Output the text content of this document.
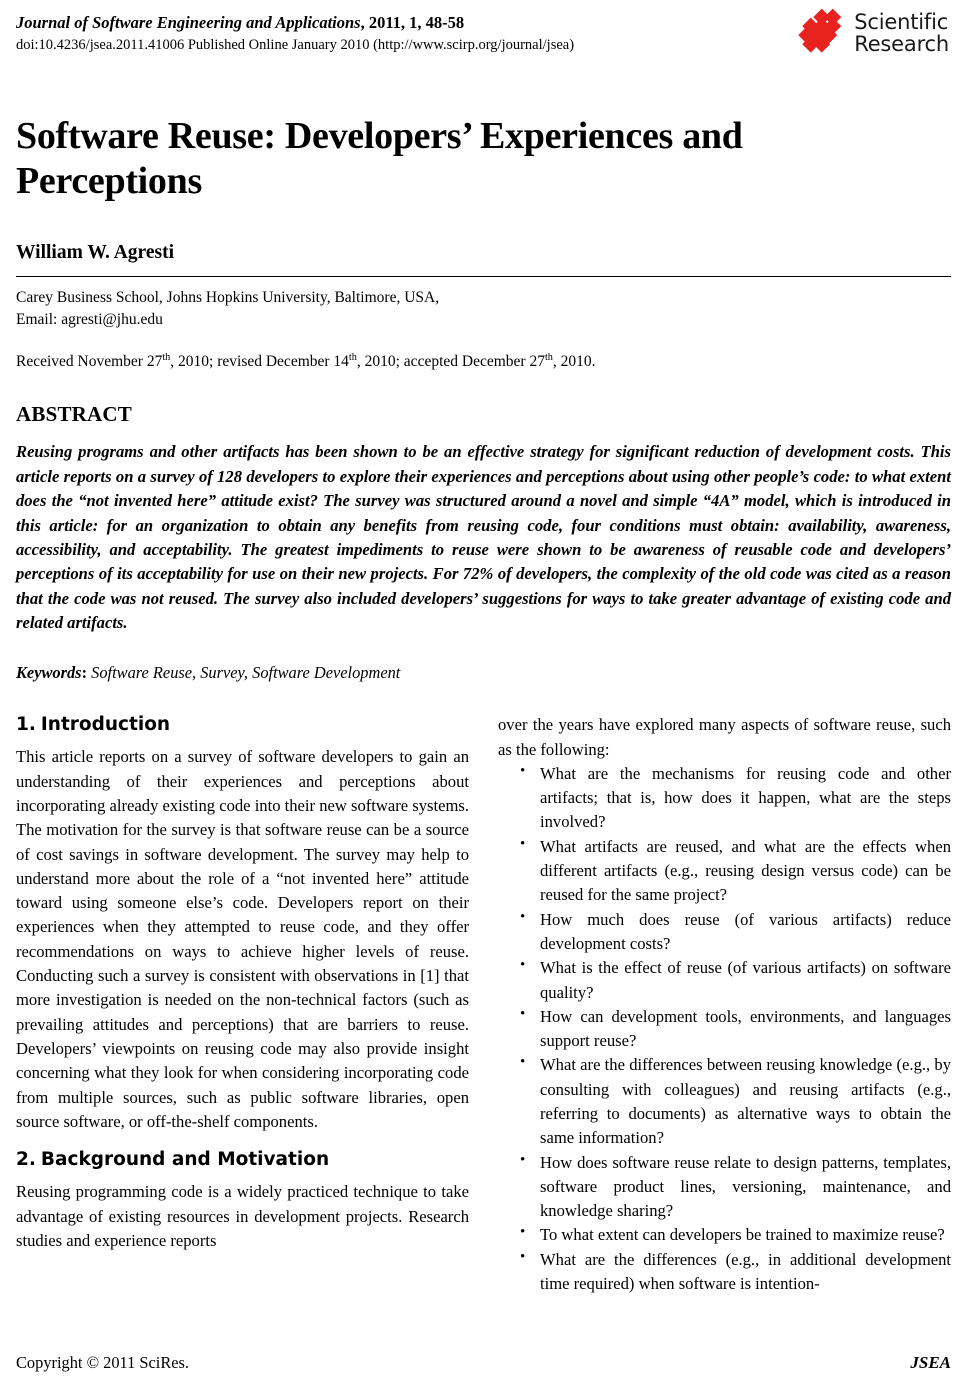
Journal of Software Engineering and Applications, 2011, 1, 48-58
doi:10.4236/jsea.2011.41006 Published Online January 2010 (http://www.scirp.org/journal/jsea)
Scientific
Research
Software Reuse: Developers’ Experiences and Perceptions
William W. Agresti
Carey Business School, Johns Hopkins University, Baltimore, USA,
Email: agresti@jhu.edu
Received November 27th, 2010; revised December 14th, 2010; accepted December 27th, 2010.
ABSTRACT
Reusing programs and other artifacts has been shown to be an effective strategy for significant reduction of development costs. This article reports on a survey of 128 developers to explore their experiences and perceptions about using other people’s code: to what extent does the “not invented here” attitude exist? The survey was structured around a novel and simple “4A” model, which is introduced in this article: for an organization to obtain any benefits from reusing code, four conditions must obtain: availability, awareness, accessibility, and acceptability. The greatest impediments to reuse were shown to be awareness of reusable code and developers’ perceptions of its acceptability for use on their new projects. For 72% of developers, the complexity of the old code was cited as a reason that the code was not reused. The survey also included developers’ suggestions for ways to take greater advantage of existing code and related artifacts.
Keywords: Software Reuse, Survey, Software Development
1. Introduction

This article reports on a survey of software developers to gain an understanding of their experiences and perceptions about incorporating already existing code into their new software systems. The motivation for the survey is that software reuse can be a source of cost savings in software development. The survey may help to understand more about the role of a “not invented here” attitude toward using someone else’s code. Developers report on their experiences when they attempted to reuse code, and they offer recommendations on ways to achieve higher levels of reuse. Conducting such a survey is consistent with observations in [1] that more investigation is needed on the non-technical factors (such as prevailing attitudes and perceptions) that are barriers to reuse. Developers’ viewpoints on reusing code may also provide insight concerning what they look for when considering incorporating code from multiple sources, such as public software libraries, open source software, or off-the-shelf components.

2. Background and Motivation

Reusing programming code is a widely practiced technique to take advantage of existing resources in development projects. Research studies and experience reports

over the years have explored many aspects of software reuse, such as the following:

• What are the mechanisms for reusing code and other artifacts; that is, how does it happen, what are the steps involved?
• What artifacts are reused, and what are the effects when different artifacts (e.g., reusing design versus code) can be reused for the same project?
• How much does reuse (of various artifacts) reduce development costs?
• What is the effect of reuse (of various artifacts) on software quality?
• How can development tools, environments, and languages support reuse?
• What are the differences between reusing knowledge (e.g., by consulting with colleagues) and reusing artifacts (e.g., referring to documents) as alternative ways to obtain the same information?
• How does software reuse relate to design patterns, templates, software product lines, versioning, maintenance, and knowledge sharing?
• To what extent can developers be trained to maximize reuse?
• What are the differences (e.g., in additional development time required) when software is intention-
Copyright © 2011 SciRes.	JSEA
